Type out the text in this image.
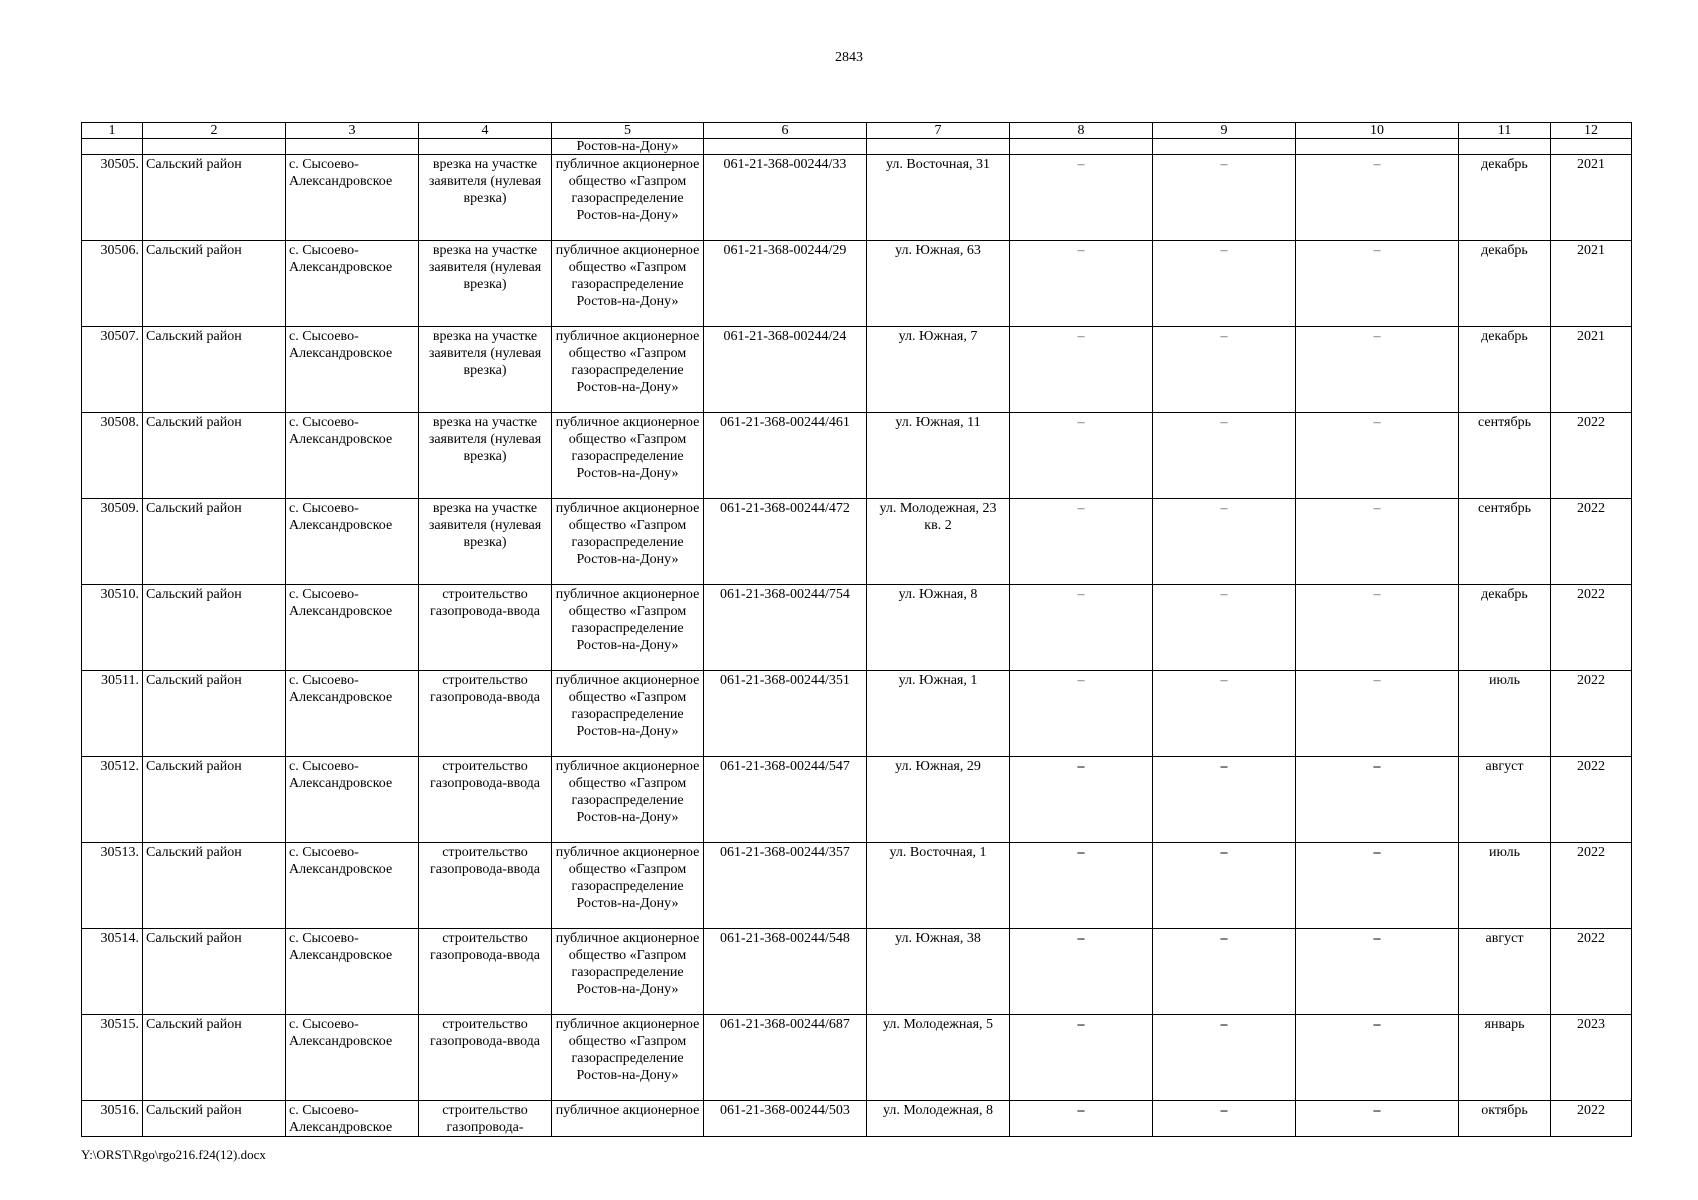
2843
1	2	3	4	5	6	7	8	9	10	11	12
				Ростов-на-Дону»							
30505.	Сальский район	с. Сысоево-Александровское	врезка на участке заявителя (нулевая врезка)	публичное акционерное общество «Газпром газораспределение Ростов-на-Дону»	061-21-368-00244/33	ул. Восточная, 31	–	–	–	декабрь	2021
30506.	Сальский район	с. Сысоево-Александровское	врезка на участке заявителя (нулевая врезка)	публичное акционерное общество «Газпром газораспределение Ростов-на-Дону»	061-21-368-00244/29	ул. Южная, 63	–	–	–	декабрь	2021
30507.	Сальский район	с. Сысоево-Александровское	врезка на участке заявителя (нулевая врезка)	публичное акционерное общество «Газпром газораспределение Ростов-на-Дону»	061-21-368-00244/24	ул. Южная, 7	–	–	–	декабрь	2021
30508.	Сальский район	с. Сысоево-Александровское	врезка на участке заявителя (нулевая врезка)	публичное акционерное общество «Газпром газораспределение Ростов-на-Дону»	061-21-368-00244/461	ул. Южная, 11	–	–	–	сентябрь	2022
30509.	Сальский район	с. Сысоево-Александровское	врезка на участке заявителя (нулевая врезка)	публичное акционерное общество «Газпром газораспределение Ростов-на-Дону»	061-21-368-00244/472	ул. Молодежная, 23 кв. 2	–	–	–	сентябрь	2022
30510.	Сальский район	с. Сысоево-Александровское	строительство газопровода-ввода	публичное акционерное общество «Газпром газораспределение Ростов-на-Дону»	061-21-368-00244/754	ул. Южная, 8	–	–	–	декабрь	2022
30511.	Сальский район	с. Сысоево-Александровское	строительство газопровода-ввода	публичное акционерное общество «Газпром газораспределение Ростов-на-Дону»	061-21-368-00244/351	ул. Южная, 1	–	–	–	июль	2022
30512.	Сальский район	с. Сысоево-Александровское	строительство газопровода-ввода	публичное акционерное общество «Газпром газораспределение Ростов-на-Дону»	061-21-368-00244/547	ул. Южная, 29	–	–	–	август	2022
30513.	Сальский район	с. Сысоево-Александровское	строительство газопровода-ввода	публичное акционерное общество «Газпром газораспределение Ростов-на-Дону»	061-21-368-00244/357	ул. Восточная, 1	–	–	–	июль	2022
30514.	Сальский район	с. Сысоево-Александровское	строительство газопровода-ввода	публичное акционерное общество «Газпром газораспределение Ростов-на-Дону»	061-21-368-00244/548	ул. Южная, 38	–	–	–	август	2022
30515.	Сальский район	с. Сысоево-Александровское	строительство газопровода-ввода	публичное акционерное общество «Газпром газораспределение Ростов-на-Дону»	061-21-368-00244/687	ул. Молодежная, 5	–	–	–	январь	2023
30516.	Сальский район	с. Сысоево-Александровское	строительство газопровода-	публичное акционерное	061-21-368-00244/503	ул. Молодежная, 8	–	–	–	октябрь	2022
Y:\ORST\Rgo\rgo216.f24(12).docx
